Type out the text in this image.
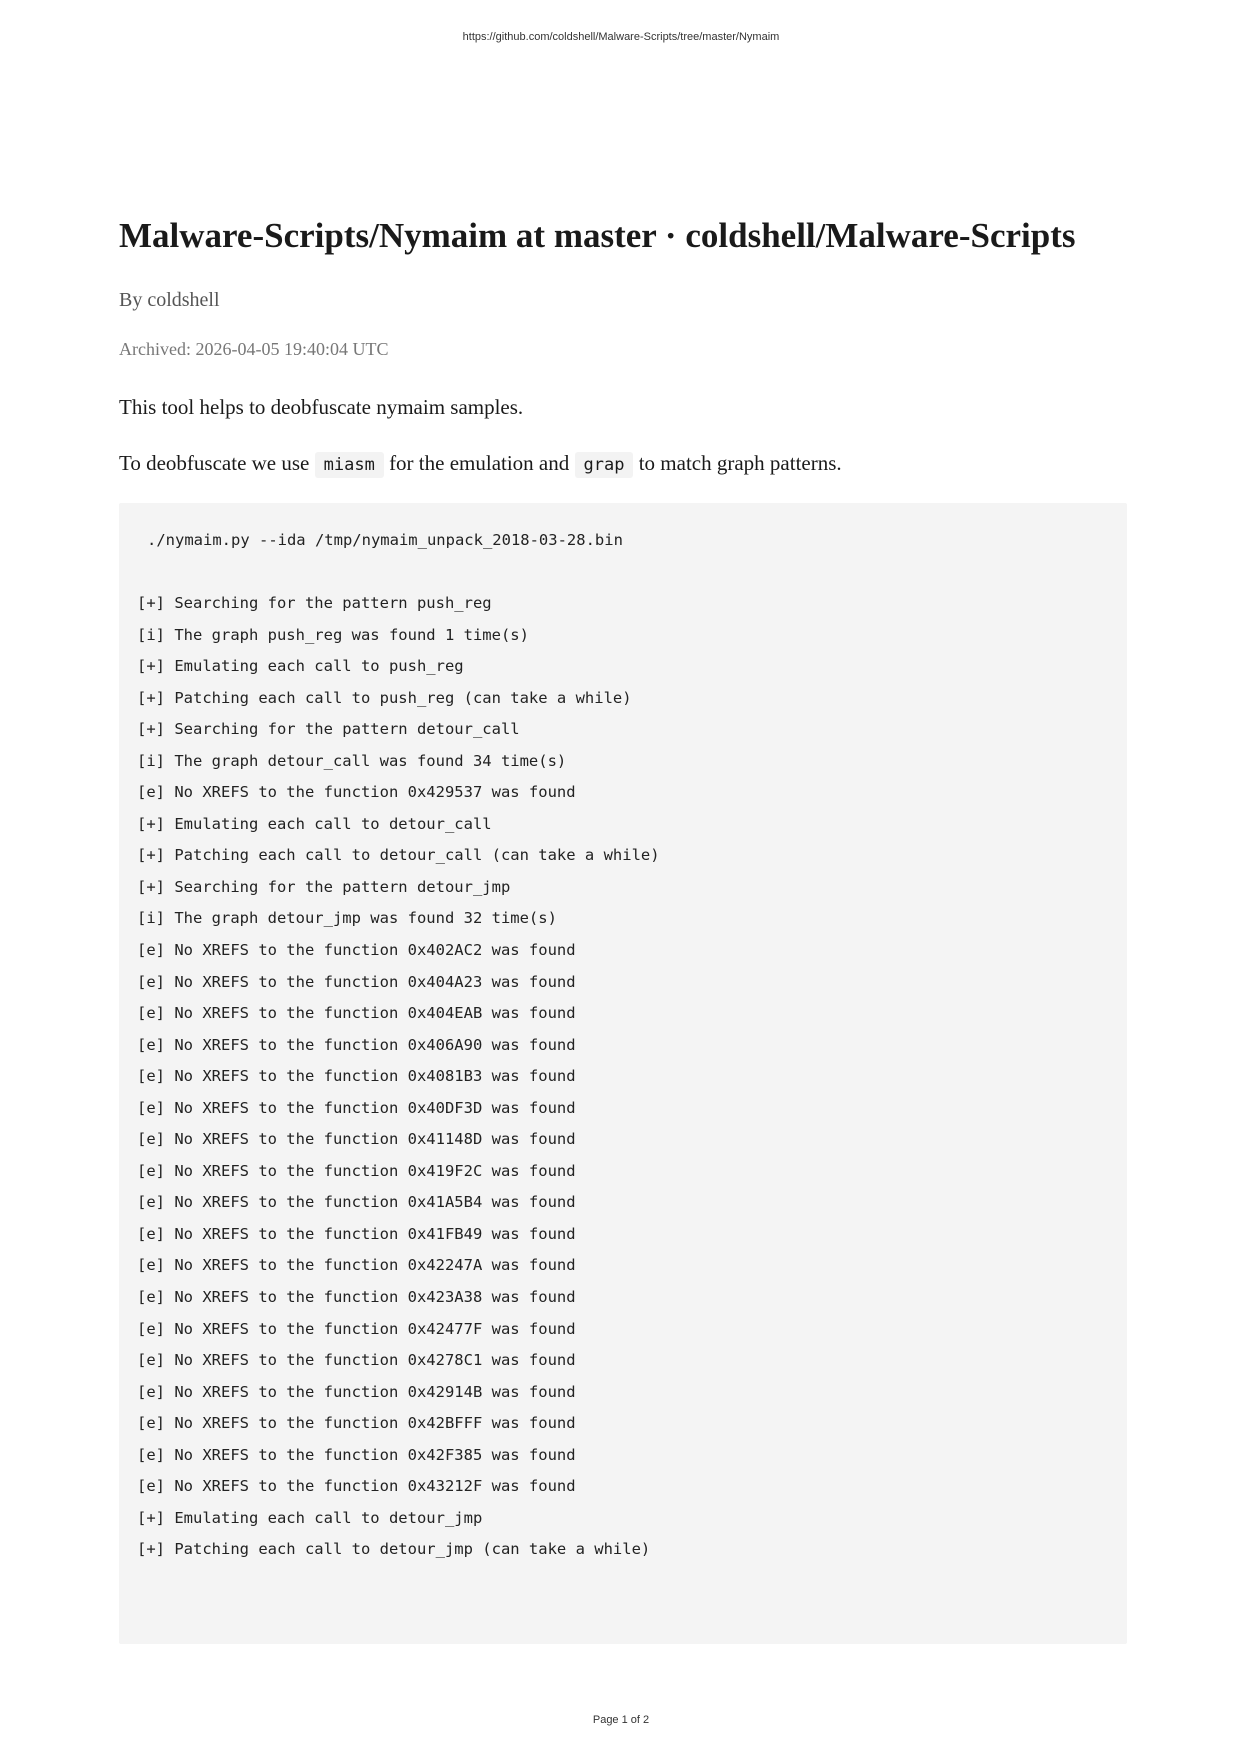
https://github.com/coldshell/Malware-Scripts/tree/master/Nymaim
Malware-Scripts/Nymaim at master · coldshell/Malware-Scripts
By coldshell
Archived: 2026-04-05 19:40:04 UTC

This tool helps to deobfuscate nymaim samples.

To deobfuscate we use miasm for the emulation and grap to match graph patterns.

./nymaim.py --ida /tmp/nymaim_unpack_2018-03-28.bin
[+] Searching for the pattern push_reg
[i] The graph push_reg was found 1 time(s)
[+] Emulating each call to push_reg
[+] Patching each call to push_reg (can take a while)
[+] Searching for the pattern detour_call
[i] The graph detour_call was found 34 time(s)
[e] No XREFS to the function 0x429537 was found
[+] Emulating each call to detour_call
[+] Patching each call to detour_call (can take a while)
[+] Searching for the pattern detour_jmp
[i] The graph detour_jmp was found 32 time(s)
[e] No XREFS to the function 0x402AC2 was found
[e] No XREFS to the function 0x404A23 was found
[e] No XREFS to the function 0x404EAB was found
[e] No XREFS to the function 0x406A90 was found
[e] No XREFS to the function 0x4081B3 was found
[e] No XREFS to the function 0x40DF3D was found
[e] No XREFS to the function 0x41148D was found
[e] No XREFS to the function 0x419F2C was found
[e] No XREFS to the function 0x41A5B4 was found
[e] No XREFS to the function 0x41FB49 was found
[e] No XREFS to the function 0x42247A was found
[e] No XREFS to the function 0x423A38 was found
[e] No XREFS to the function 0x42477F was found
[e] No XREFS to the function 0x4278C1 was found
[e] No XREFS to the function 0x42914B was found
[e] No XREFS to the function 0x42BFFF was found
[e] No XREFS to the function 0x42F385 was found
[e] No XREFS to the function 0x43212F was found
[+] Emulating each call to detour_jmp
[+] Patching each call to detour_jmp (can take a while)
Page 1 of 2
